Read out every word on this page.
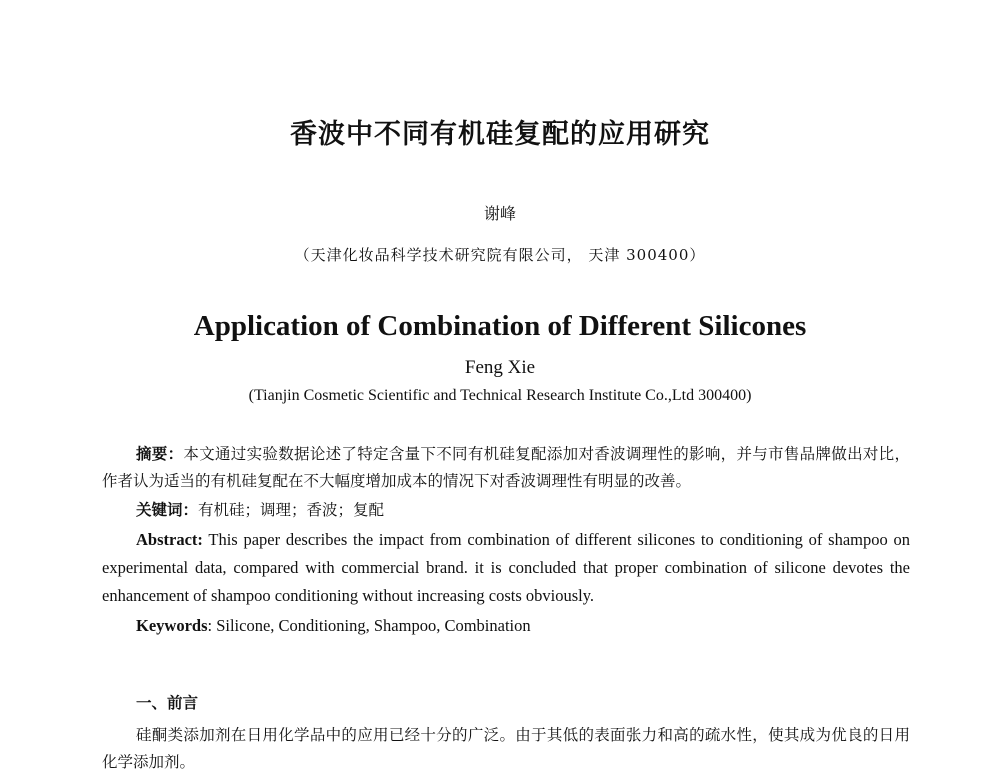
香波中不同有机硅复配的应用研究
谢峰
（天津化妆品科学技术研究院有限公司， 天津 300400）
Application of Combination of Different Silicones
Feng Xie
(Tianjin Cosmetic Scientific and Technical Research Institute Co.,Ltd 300400)
摘要：本文通过实验数据论述了特定含量下不同有机硅复配添加对香波调理性的影响，并与市售品牌做出对比，作者认为适当的有机硅复配在不大幅度增加成本的情况下对香波调理性有明显的改善。
关键词：有机硅；调理；香波；复配
Abstract: This paper describes the impact from combination of different silicones to conditioning of shampoo on experimental data, compared with commercial brand. it is concluded that proper combination of silicone devotes the enhancement of shampoo conditioning without increasing costs obviously.
Keywords: Silicone, Conditioning, Shampoo, Combination
一、前言
硅酮类添加剂在日用化学品中的应用已经十分的广泛。由于其低的表面张力和高的疏水性，使其成为优良的日用化学添加剂。
